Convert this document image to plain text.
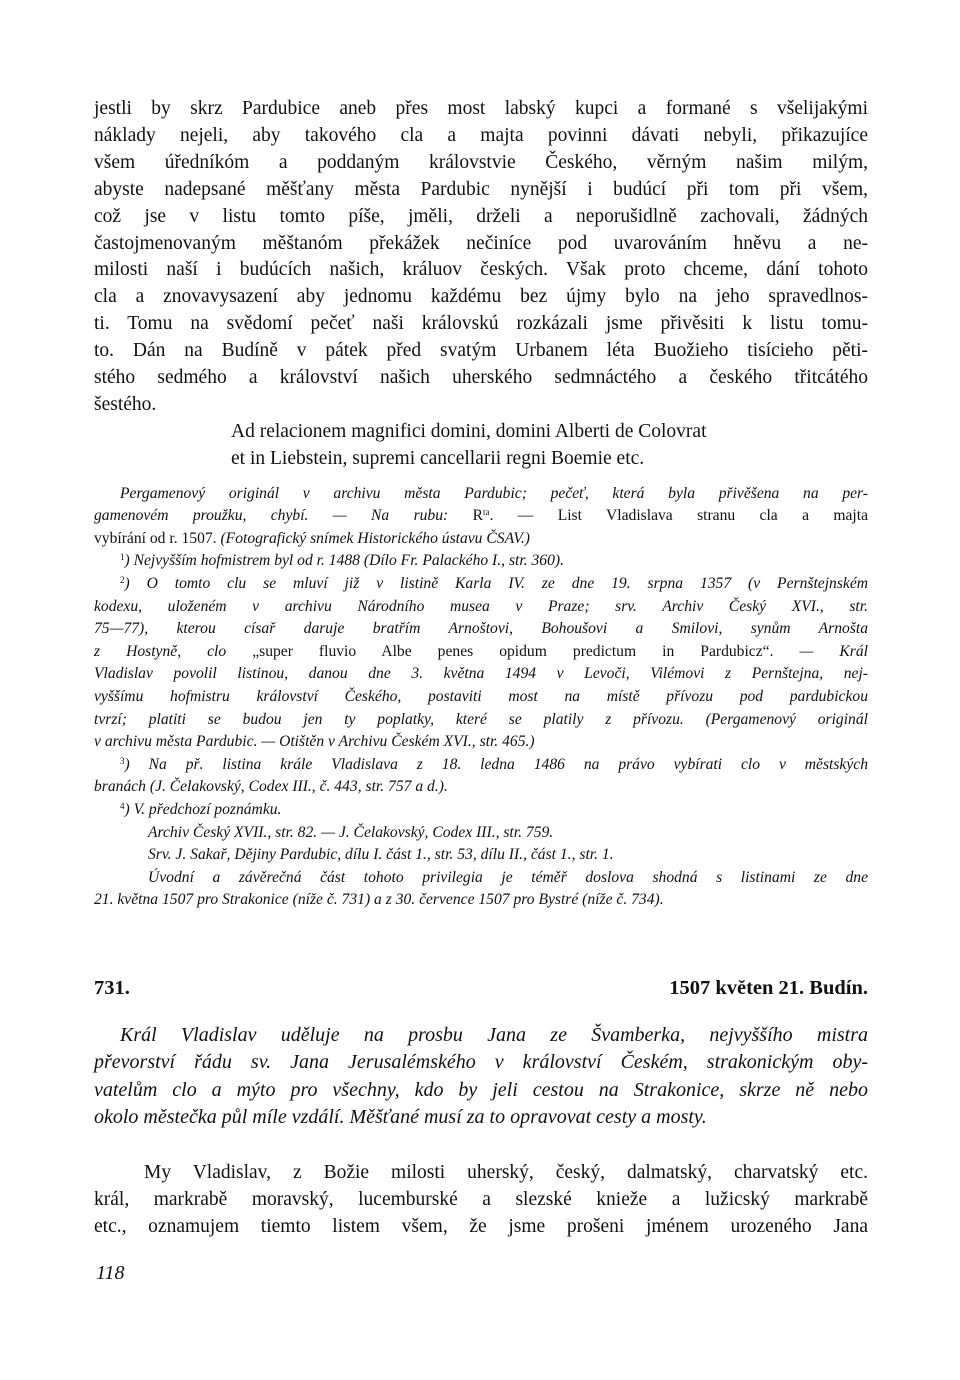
jestli by skrz Pardubice aneb přes most labský kupci a formané s všelijakými
náklady nejeli, aby takového cla a majta povinni dávati nebyli, přikazujíce
všem úředníkóm a poddaným královstvie Českého, věrným našim milým,
abyste nadepsané měšťany města Pardubic nynější i budúcí při tom při všem,
což jse v listu tomto píše, jměli, drželi a neporušidlně zachovali, žádných
častojmenovaným měštanóm překážek nečiníce pod uvarováním hněvu a ne-
milosti naší i budúcích našich, králuov českých. Však proto chceme, dání tohoto
cla a znovavysazení aby jednomu každému bez újmy bylo na jeho spravedlnos-
ti. Tomu na svědomí pečeť naši královskú rozkázali jsme přivěsiti k listu tomu-
to. Dán na Budíně v pátek před svatým Urbanem léta Buožieho tisícieho pěti-
stého sedmého a království našich uherského sedmnáctého a českého třitcátého
šestého.
Ad relacionem magnifici domini, domini Alberti de Colovrat
et in Liebstein, supremi cancellarii regni Boemie etc.
Pergamenový originál v archivu města Pardubic; pečeť, která byla přivěšena na per-
gamenovém proužku, chybí. — Na rubu: $R^{ta}$. — List Vladislava stranu cla a majta
vybírání od r. 1507. (Fotografický snímek Historického ústavu ČSAV.)
$^1$) Nejvyšším hofmistrem byl od r. 1488 (Dílo Fr. Palackého I., str. 360).
$^2$) O tomto clu se mluví již v listině Karla IV. ze dne 19. srpna 1357 (v Pernštejnském
kodexu, uloženém v archivu Národního musea v Praze; srv. Archiv Český XVI., str.
75—77), kterou císař daruje bratřím Arnoštovi, Bohoušovi a Smilovi, synům Arnošta
z Hostyně, clo „super fluvio Albe penes opidum predictum in Pardubicz“. — Král
Vladislav povolil listinou, danou dne 3. května 1494 v Levoči, Vilémovi z Pernštejna, nej-
vyššímu hofmistru království Českého, postaviti most na místě přívozu pod pardubickou
tvrzí; platiti se budou jen ty poplatky, které se platily z přívozu. (Pergamenový originál
v archivu města Pardubic. — Otištěn v Archivu Českém XVI., str. 465.)
$^3$) Na př. listina krále Vladislava z 18. ledna 1486 na právo vybírati clo v městských
branách (J. Čelakovský, Codex III., č. 443, str. 757 a d.).
$^4$) V. předchozí poznámku.
Archiv Český XVII., str. 82. — J. Čelakovský, Codex III., str. 759.
Srv. J. Sakař, Dějiny Pardubic, dílu I. část 1., str. 53, dílu II., část 1., str. 1.
Úvodní a závěrečná část tohoto privilegia je téměř doslova shodná s listinami ze dne
21. května 1507 pro Strakonice (níže č. 731) a z 30. července 1507 pro Bystré (níže č. 734).
731.	1507 květen 21. Budín.
Král Vladislav uděluje na prosbu Jana ze Švamberka, nejvyššího mistra
převorství řádu sv. Jana Jerusalémského v království Českém, strakonickým oby-
vatelům clo a mýto pro všechny, kdo by jeli cestou na Strakonice, skrze ně nebo
okolo městečka půl míle vzdálí. Měšťané musí za to opravovat cesty a mosty.
My Vladislav, z Božie milosti uherský, český, dalmatský, charvatský etc.
král, markrabě moravský, lucemburské a slezské knieže a lužicský markrabě
etc., oznamujem tiemto listem všem, že jsme prošeni jménem urozeného Jana
118
